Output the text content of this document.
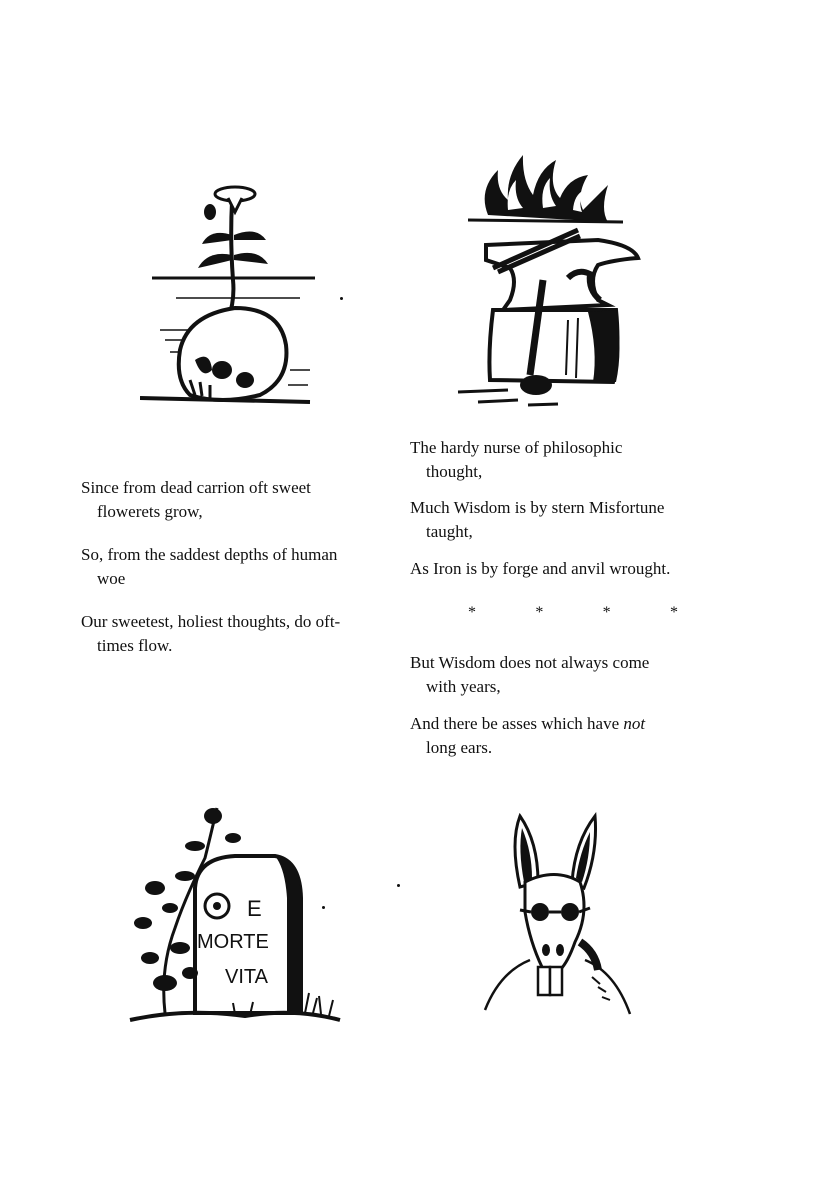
Since from dead carrion oft sweet
flowerets grow,

So, from the saddest depths of human
woe

Our sweetest, holiest thoughts, do oft-
times flow.

The hardy nurse of philosophic
thought,

Much Wisdom is by stern Misfortune
taught,

As Iron is by forge and anvil wrought.

*	*	*	*

But Wisdom does not always come
with years,

And there be asses which have not
long ears.

E
MORTE
VITA
